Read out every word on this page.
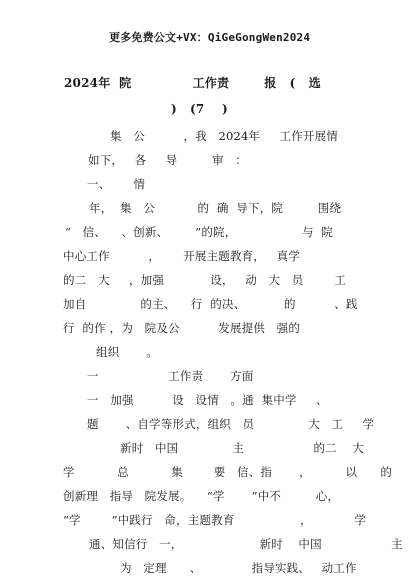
更多免费公文+VX：QiGeGongWen2024
2024年  院              工作责        报   (   选
)   (7    )
集   公          ，我   2024年     工作开展情
如下，   各     导         审   ：
一、      情
年，  集   公           的  确  导下，院         围绕
“   信、    、创新、       ”的院，                 与  院
中心工作          ，      开展主题教育，   真学
的二   大     ，加强            设，   动   大   员        工
加自              的主、    行  的决、          的          、践
行  的作 ，为   院及公          发展提供   强的
组织       。
一                  工作责       方面
一   加强          设   设情   。通  集中学     、
题       、自学等形式，组织   员              大   工     学
新时   中国              主                  的二    大
学           总           集        要   信、指       ，         以      的
创新理   指导   院发展。    “学       ”中不         心，
“学        ”中践行   命，主题教育                 ，           学
通、知信行   一，                    新时    中国                  主
为   定理      、             指导实践、   动工作
